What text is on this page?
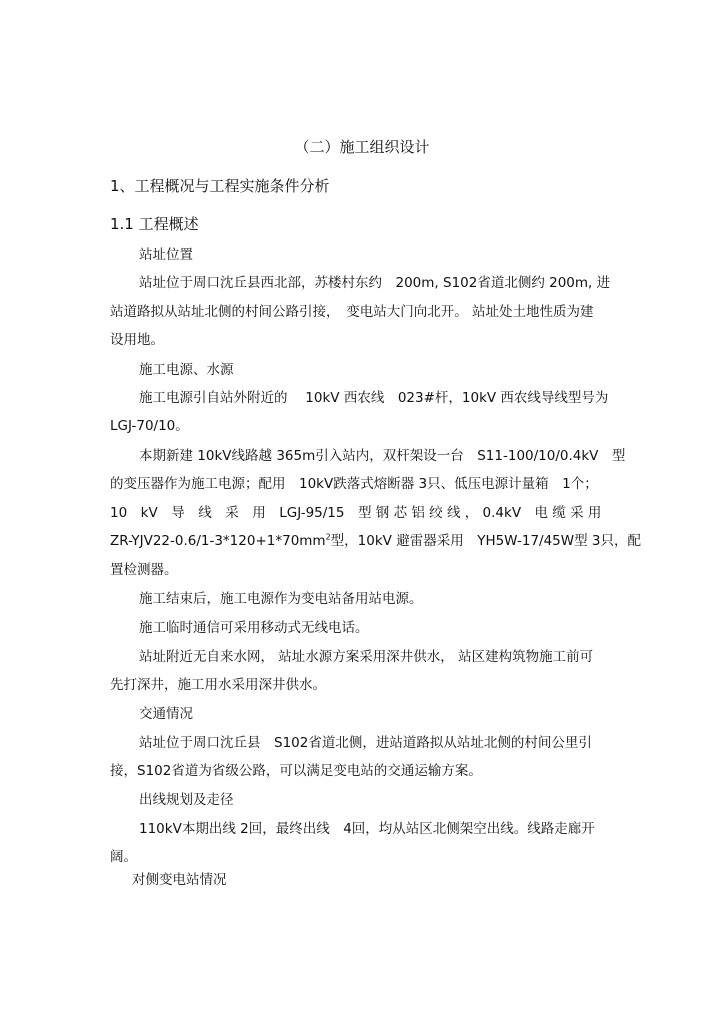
（二）施工组织设计
1、工程概况与工程实施条件分析
1.1 工程概述
站址位置
站址位于周口沈丘县西北部，苏楼村东约　200m, S102省道北侧约 200m, 进
站道路拟从站址北侧的村间公路引接，　变电站大门向北开。 站址处土地性质为建
设用地。
施工电源、水源
施工电源引自站外附近的　 10kV 西农线　023#杆，10kV 西农线导线型号为
LGJ-70/10。
本期新建 10kV线路越 365m引入站内，双杆架设一台　S11-100/10/0.4kV　型
的变压器作为施工电源；配用　10kV跌落式熔断器 3只、低压电源计量箱　1个；
10　kV　导　线　采　用　LGJ-95/15　型 钢 芯 铝 绞 线 ， 0.4kV　电 缆 采 用
$ZR-YJV22-0.6/1-3*120+1*70mm^2$型，10kV 避雷器采用　YH5W-17/45W型 3只，配
置检测器。
施工结束后，施工电源作为变电站备用站电源。
施工临时通信可采用移动式无线电话。
站址附近无自来水网， 站址水源方案采用深井供水， 站区建构筑物施工前可
先打深井，施工用水采用深井供水。
交通情况
站址位于周口沈丘县　S102省道北侧，进站道路拟从站址北侧的村间公里引
接，S102省道为省级公路，可以满足变电站的交通运输方案。
出线规划及走径
110kV本期出线 2回，最终出线　4回，均从站区北侧架空出线。线路走廊开
阔。
对侧变电站情况
